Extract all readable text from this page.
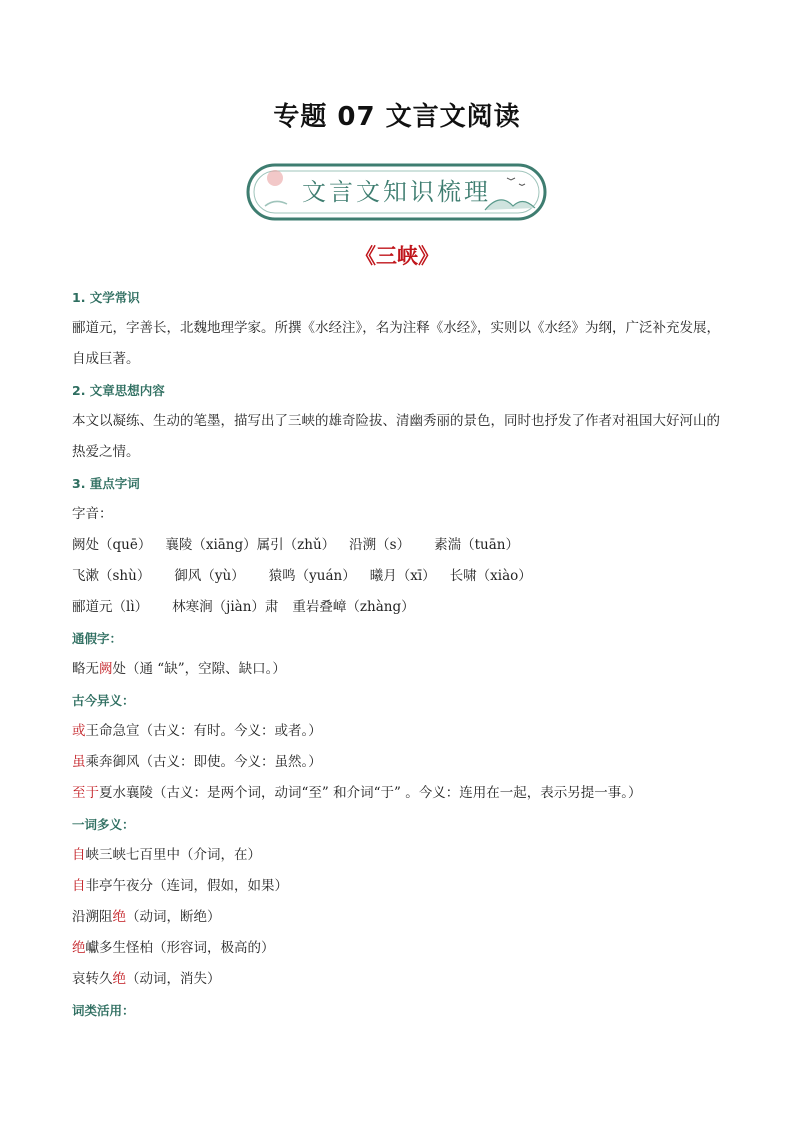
专题 07 文言文阅读
文言文知识梳理
《三峡》
1. 文学常识
郦道元，字善长，北魏地理学家。所撰《水经注》，名为注释《水经》，实则以《水经》为纲，广泛补充发展，自成巨著。
2. 文章思想内容
本文以凝练、生动的笔墨，描写出了三峡的雄奇险拔、清幽秀丽的景色，同时也抒发了作者对祖国大好河山的热爱之情。
3. 重点字词
字音：
阙处（quē） 襄陵（xiāng）属引（zhǔ） 沿溯（s） 素湍（tuān）
飞漱（shù） 御风（yù） 猿鸣（yuán） 曦月（xī） 长啸（xiào）
郦道元（lì） 林寒涧（jiàn）肃 重岩叠嶂（zhàng）
通假字：
略无阙处（通 “缺”，空隙、缺口。）
古今异义：
或王命急宣（古义：有时。今义：或者。）
虽乘奔御风（古义：即使。今义：虽然。）
至于夏水襄陵（古义：是两个词，动词“至” 和介词“于” 。今义：连用在一起，表示另提一事。）
一词多义：
自峡三峡七百里中（介词，在）
自非亭午夜分（连词，假如，如果）
沿溯阻绝（动词，断绝）
绝巘多生怪柏（形容词，极高的）
哀转久绝（动词，消失）
词类活用：
